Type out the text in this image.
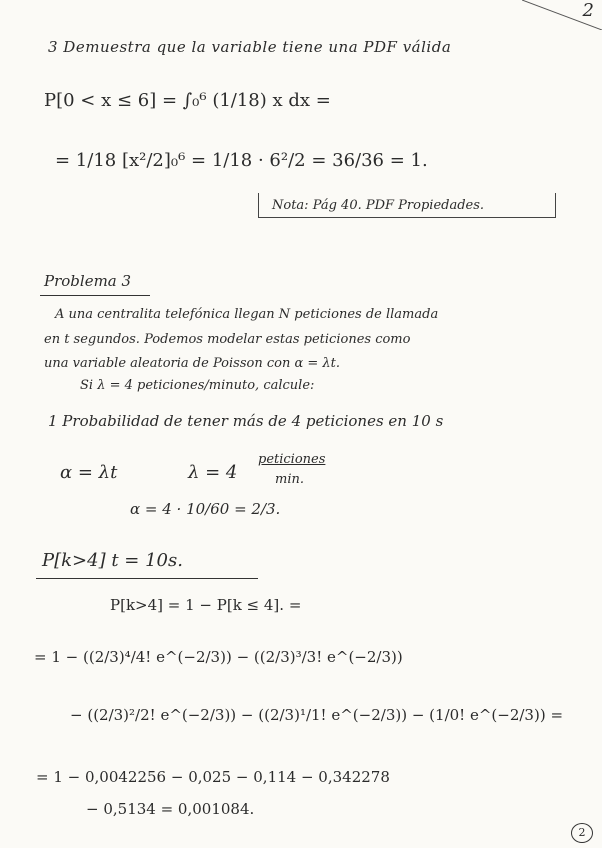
2
3 Demuestra que la variable tiene una PDF válida
P[0 < x ≤ 6] = ∫₀⁶ (1/18) x dx =
= 1/18 [x²/2]₀⁶ = 1/18 · 6²/2 = 36/36 = 1.
Nota: Pág 40. PDF Propiedades.
Problema 3
A una centralita telefónica llegan N peticiones de llamada
en t segundos. Podemos modelar estas peticiones como
una variable aleatoria de Poisson con α = λt.
Si λ = 4 peticiones/minuto, calcule:
1 Probabilidad de tener más de 4 peticiones en 10 s
α = λt	λ = 4
peticiones
min.
α = 4 · 10/60 = 2/3.
P[k>4] t = 10s.
P[k>4] = 1 − P[k ≤ 4]. =
= 1 − ((2/3)⁴/4! e^(−2/3)) − ((2/3)³/3! e^(−2/3))
− ((2/3)²/2! e^(−2/3)) − ((2/3)¹/1! e^(−2/3)) − (1/0! e^(−2/3)) =
= 1 − 0,0042256 − 0,025 − 0,114 − 0,342278
− 0,5134 = 0,001084.
2
